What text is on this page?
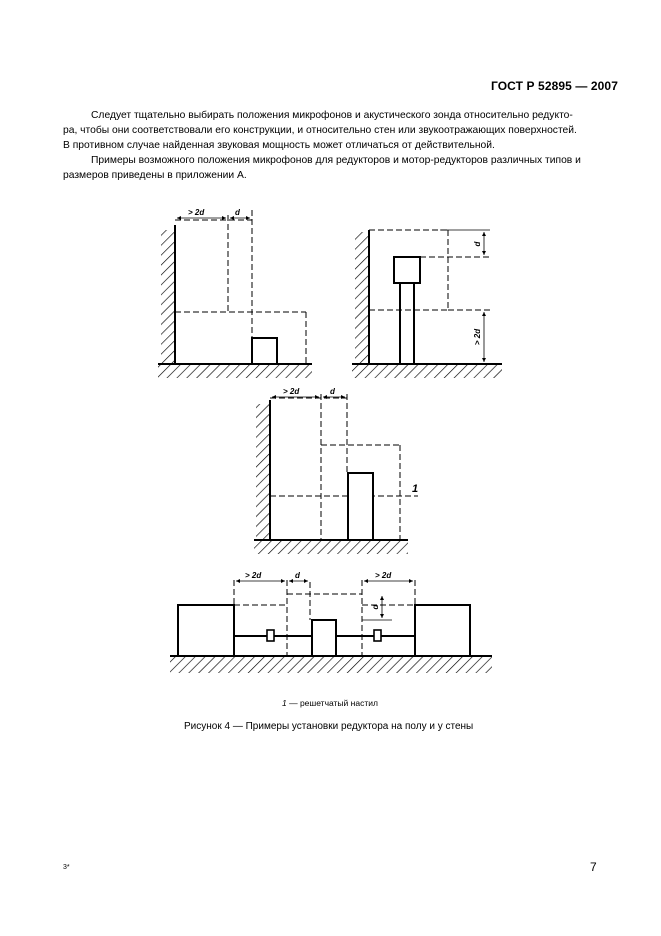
ГОСТ Р 52895 — 2007
Следует тщательно выбирать положения микрофонов и акустического зонда относительно редукто-
ра, чтобы они соответствовали его конструкции, и относительно стен или звукоотражающих поверхностей.
В противном случае найденная звуковая мощность может отличаться от действительной.
Примеры возможного положения микрофонов для редукторов и мотор-редукторов различных типов и
размеров приведены в приложении А.
> 2d	d
d
> 2d
> 2d	d
1
> 2d	d	> 2d
d
1 — решетчатый настил
Рисунок 4 — Примеры установки редуктора на полу и у стены
3*	7
